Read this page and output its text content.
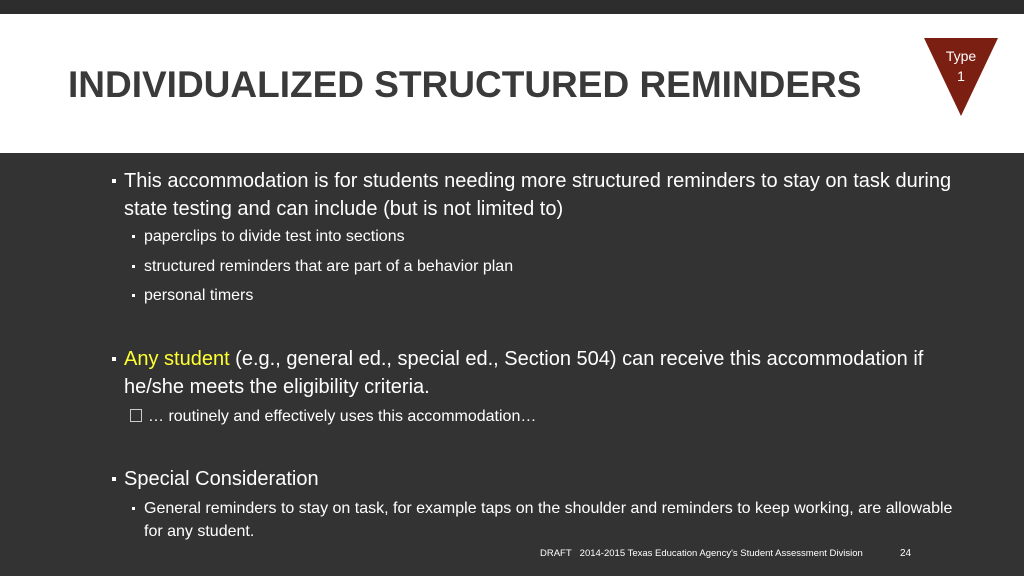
INDIVIDUALIZED STRUCTURED REMINDERS
Type
1
This accommodation is for students needing more structured reminders to stay on task during state testing and can include (but is not limited to)
paperclips to divide test into sections
structured reminders that are part of a behavior plan
personal timers
Any student (e.g., general ed., special ed., Section 504) can receive this accommodation if he/she meets the eligibility criteria.
… routinely and effectively uses this accommodation…
Special Consideration
General reminders to stay on task, for example taps on the shoulder and reminders to keep working, are allowable for any student.
DRAFT 2014-2015 Texas Education Agency's Student Assessment Division	24
